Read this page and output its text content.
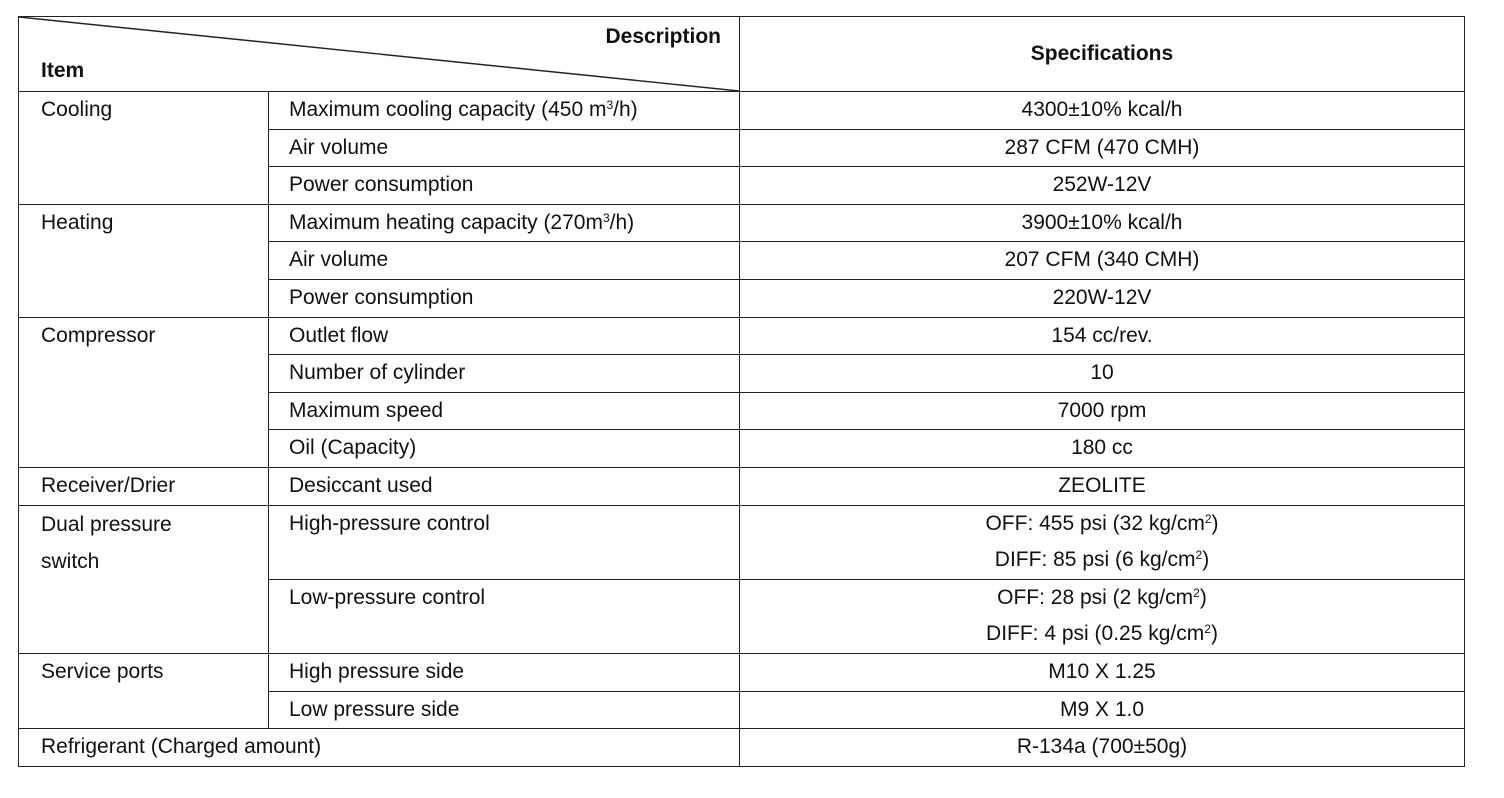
Description
Item		Specifications

Cooling	Maximum cooling capacity (450 $m^3/h$)	4300±10% kcal/h

	Air volume	287 CFM (470 CMH)

	Power consumption	252W-12V

Heating	Maximum heating capacity $(270m^3/h)$	3900±10% kcal/h

	Air volume	207 CFM (340 CMH)

	Power consumption	220W-12V

Compressor	Outlet flow	154 cc/rev.

	Number of cylinder	10

	Maximum speed	7000 rpm

	Oil (Capacity)	180 cc

Receiver/Drier	Desiccant used	ZEOLITE

Dual pressure
switch	High-pressure control	OFF: 455 psi (32 $kg/cm^2$)
DIFF: 85 psi (6 $kg/cm^2$)

	Low-pressure control	OFF: 28 psi (2 $kg/cm^2$)
DIFF: 4 psi (0.25 $kg/cm^2$)

Service ports	High pressure side	M10 X 1.25

	Low pressure side	M9 X 1.0

Refrigerant (Charged amount)		R-134a (700±50g)
